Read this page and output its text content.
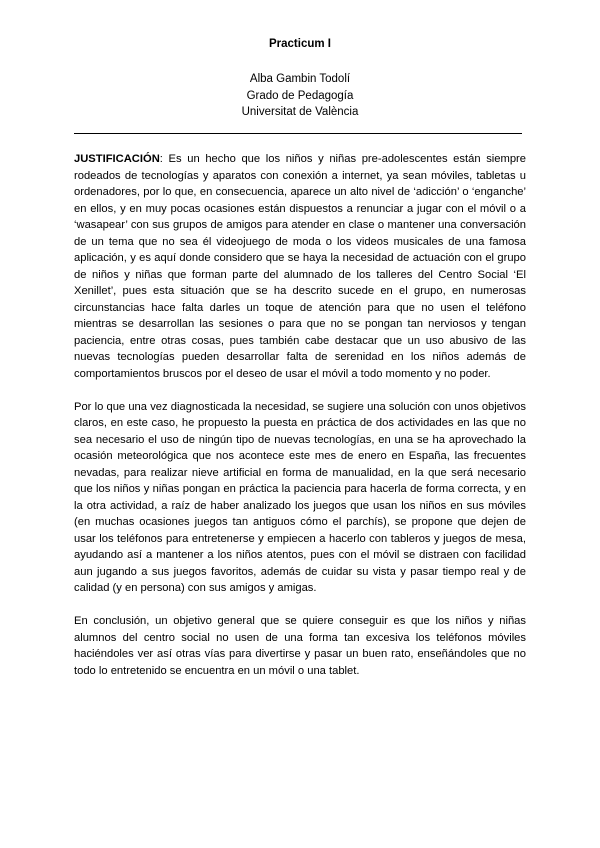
Practicum I
Alba Gambin Todolí
Grado de Pedagogía
Universitat de València

JUSTIFICACIÓN: Es un hecho que los niños y niñas pre-adolescentes están siempre rodeados de tecnologías y aparatos con conexión a internet, ya sean móviles, tabletas u ordenadores, por lo que, en consecuencia, aparece un alto nivel de ‘adicción’ o ‘enganche’ en ellos, y en muy pocas ocasiones están dispuestos a renunciar a jugar con el móvil o a ‘wasapear’ con sus grupos de amigos para atender en clase o mantener una conversación de un tema que no sea él videojuego de moda o los videos musicales de una famosa aplicación, y es aquí donde considero que se haya la necesidad de actuación con el grupo de niños y niñas que forman parte del alumnado de los talleres del Centro Social ‘El Xenillet’, pues esta situación que se ha descrito sucede en el grupo, en numerosas circunstancias hace falta darles un toque de atención para que no usen el teléfono mientras se desarrollan las sesiones o para que no se pongan tan nerviosos y tengan paciencia, entre otras cosas, pues también cabe destacar que un uso abusivo de las nuevas tecnologías pueden desarrollar falta de serenidad en los niños además de comportamientos bruscos por el deseo de usar el móvil a todo momento y no poder.

Por lo que una vez diagnosticada la necesidad, se sugiere una solución con unos objetivos claros, en este caso, he propuesto la puesta en práctica de dos actividades en las que no sea necesario el uso de ningún tipo de nuevas tecnologías, en una se ha aprovechado la ocasión meteorológica que nos acontece este mes de enero en España, las frecuentes nevadas, para realizar nieve artificial en forma de manualidad, en la que será necesario que los niños y niñas pongan en práctica la paciencia para hacerla de forma correcta, y en la otra actividad, a raíz de haber analizado los juegos que usan los niños en sus móviles (en muchas ocasiones juegos tan antiguos cómo el parchís), se propone que dejen de usar los teléfonos para entretenerse y empiecen a hacerlo con tableros y juegos de mesa, ayudando así a mantener a los niños atentos, pues con el móvil se distraen con facilidad aun jugando a sus juegos favoritos, además de cuidar su vista y pasar tiempo real y de calidad (y en persona) con sus amigos y amigas.

En conclusión, un objetivo general que se quiere conseguir es que los niños y niñas alumnos del centro social no usen de una forma tan excesiva los teléfonos móviles haciéndoles ver así otras vías para divertirse y pasar un buen rato, enseñándoles que no todo lo entretenido se encuentra en un móvil o una tablet.
